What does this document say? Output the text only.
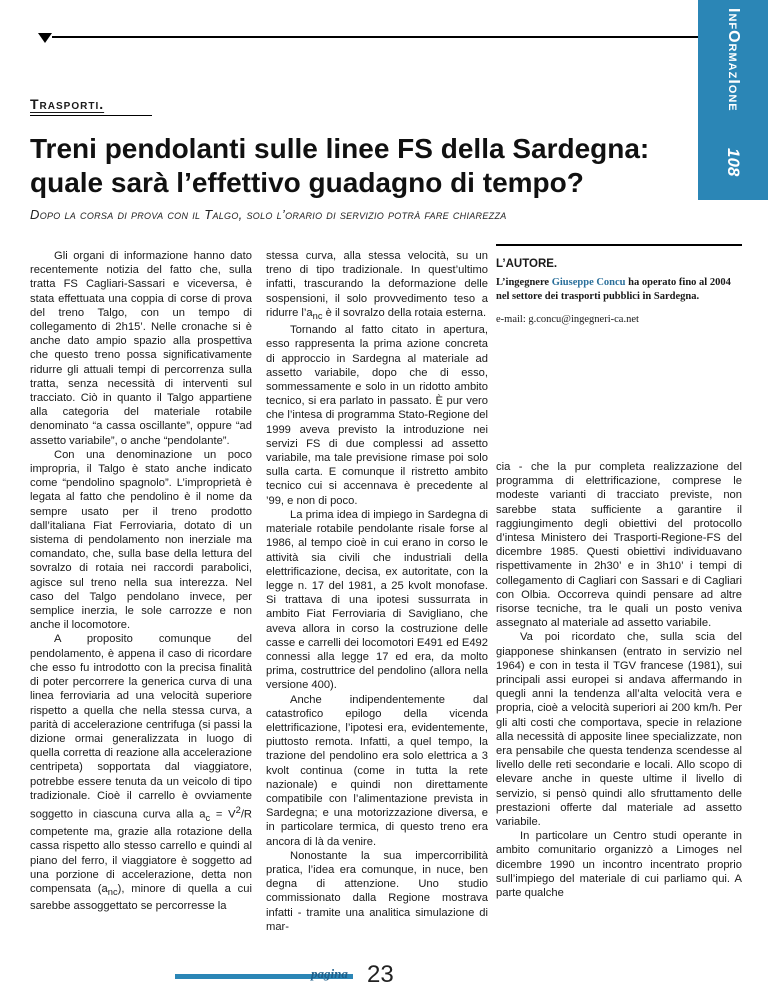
InfOrmazIone
108
Trasporti.
Treni pendolanti sulle linee FS della Sardegna: quale sarà l’effettivo guadagno di tempo?
Dopo la corsa di prova con il Talgo, solo l’orario di servizio potrà fare chiarezza

Gli organi di informazione hanno dato recentemente notizia del fatto che, sulla tratta FS Cagliari-Sassari e viceversa, è stata effettuata una coppia di corse di prova del treno Talgo, con un tempo di collegamento di 2h15’. Nelle cronache si è anche dato ampio spazio alla prospettiva che questo treno possa significativamente ridurre gli attuali tempi di percorrenza sulla tratta, senza necessità di interventi sul tracciato. Ciò in quanto il Talgo appartiene alla categoria del materiale rotabile denominato “a cassa oscillante”, oppure “ad assetto variabile”, o anche “pendolante”.

Con una denominazione un poco impropria, il Talgo è stato anche indicato come “pendolino spagnolo”. L’improprietà è legata al fatto che pendolino è il nome da sempre usato per il treno prodotto dall’italiana Fiat Ferroviaria, dotato di un sistema di pendolamento non inerziale ma comandato, che, sulla base della lettura del sovralzo di rotaia nei raccordi parabolici, agisce sul treno nella sua interezza. Nel caso del Talgo pendolano invece, per semplice inerzia, le sole carrozze e non anche il locomotore.

A proposito comunque del pendolamento, è appena il caso di ricordare che esso fu introdotto con la precisa finalità di poter percorrere la generica curva di una linea ferroviaria ad una velocità superiore rispetto a quella che nella stessa curva, a parità di accelerazione centrifuga (si passi la dizione ormai generalizzata in luogo di quella corretta di reazione alla accelerazione centripeta) sopportata dal viaggiatore, potrebbe essere tenuta da un veicolo di tipo tradizionale. Cioè il carrello è ovviamente soggetto in ciascuna curva alla $a_c = V^2/R$ competente ma, grazie alla rotazione della cassa rispetto allo stesso carrello e quindi al piano del ferro, il viaggiatore è soggetto ad una porzione di accelerazione, detta non compensata $(a_{nc})$, minore di quella a cui sarebbe assoggettato se percorresse la

stessa curva, alla stessa velocità, su un treno di tipo tradizionale. In quest’ultimo infatti, trascurando la deformazione delle sospensioni, il solo provvedimento teso a ridurre $l’a_{nc}$ è il sovralzo della rotaia esterna.

Tornando al fatto citato in apertura, esso rappresenta la prima azione concreta di approccio in Sardegna al materiale ad assetto variabile, dopo che di esso, sommessamente e solo in un ridotto ambito tecnico, si era parlato in passato. È pur vero che l’intesa di programma Stato-Regione del 1999 aveva previsto la introduzione nei servizi FS di due complessi ad assetto variabile, ma tale previsione rimase poi solo sulla carta. E comunque il ristretto ambito tecnico cui si accennava è precedente al ’99, e non di poco.

La prima idea di impiego in Sardegna di materiale rotabile pendolante risale forse al 1986, al tempo cioè in cui erano in corso le attività sia civili che industriali della elettrificazione, decisa, ex autoritate, con la legge n. 17 del 1981, a 25 kvolt monofase. Si trattava di una ipotesi sussurrata in ambito Fiat Ferroviaria di Savigliano, che aveva allora in corso la costruzione delle casse e carrelli dei locomotori E491 ed E492 connessi alla legge 17 ed era, da molto prima, costruttrice del pendolino (allora nella versione 400).

Anche indipendentemente dal catastrofico epilogo della vicenda elettrificazione, l’ipotesi era, evidentemente, piuttosto remota. Infatti, a quel tempo, la trazione del pendolino era solo elettrica a 3 kvolt continua (come in tutta la rete nazionale) e quindi non direttamente compatibile con l’alimentazione prevista in Sardegna; e una motorizzazione diversa, e in particolare termica, di questo treno era ancora di là da venire.

Nonostante la sua impercorribilità pratica, l’idea era comunque, in nuce, ben degna di attenzione. Uno studio commissionato dalla Regione mostrava infatti - tramite una analitica simulazione di mar-

L’AUTORE.
L’ingegnere Giuseppe Concu ha operato fino al 2004 nel settore dei trasporti pubblici in Sardegna.
e-mail: g.concu@ingegneri-ca.net

cia - che la pur completa realizzazione del programma di elettrificazione, comprese le modeste varianti di tracciato previste, non sarebbe stata sufficiente a garantire il raggiungimento degli obiettivi del protocollo d’intesa Ministero dei Trasporti-Regione-FS del dicembre 1985. Questi obiettivi individuavano rispettivamente in 2h30’ e in 3h10’ i tempi di collegamento di Cagliari con Sassari e di Cagliari con Olbia. Occorreva quindi pensare ad altre risorse tecniche, tra le quali un posto veniva assegnato al materiale ad assetto variabile.

Va poi ricordato che, sulla scia del giapponese shinkansen (entrato in servizio nel 1964) e con in testa il TGV francese (1981), sui principali assi europei si andava affermando in quegli anni la tendenza all’alta velocità vera e propria, cioè a velocità superiori ai 200 km/h. Per gli alti costi che comportava, specie in relazione alla necessità di apposite linee specializzate, non era pensabile che questa tendenza scendesse al livello delle reti secondarie e locali. Allo scopo di elevare anche in queste ultime il livello di servizio, si pensò quindi allo sfruttamento delle prestazioni offerte dal materiale ad assetto variabile.

In particolare un Centro studi operante in ambito comunitario organizzò a Limoges nel dicembre 1990 un incontro incentrato proprio sull’impiego del materiale di cui parliamo qui. A parte qualche

pagina 23
